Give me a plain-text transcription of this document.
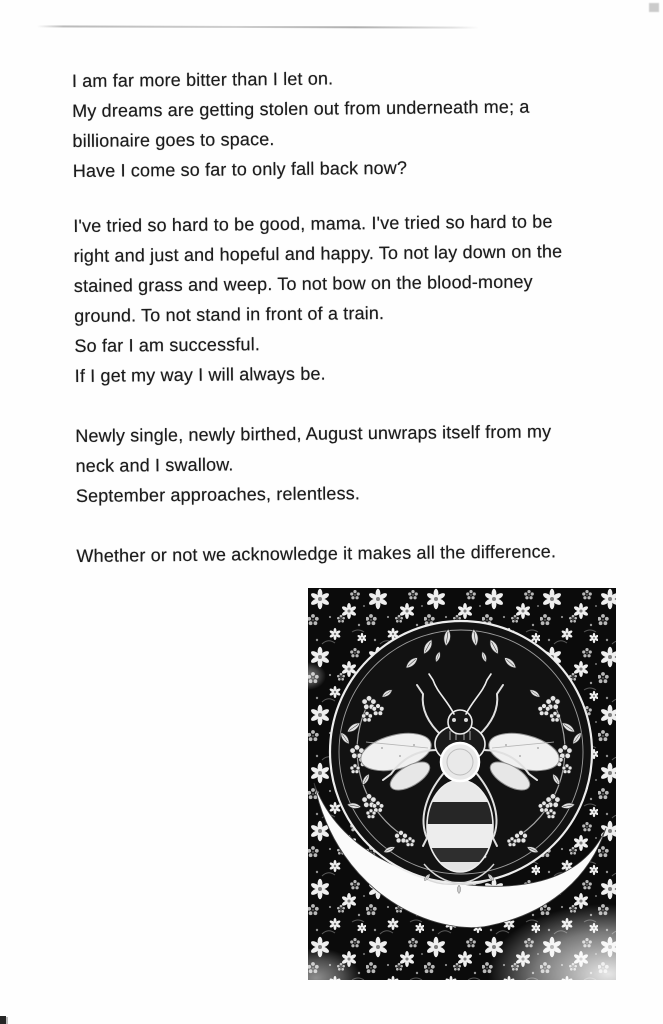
I am far more bitter than I let on.
My dreams are getting stolen out from underneath me; a
billionaire goes to space.
Have I come so far to only fall back now?
I've tried so hard to be good, mama. I've tried so hard to be
right and just and hopeful and happy. To not lay down on the
stained grass and weep. To not bow on the blood-money
ground. To not stand in front of a train.
So far I am successful.
If I get my way I will always be.
Newly single, newly birthed, August unwraps itself from my
neck and I swallow.
September approaches, relentless.
Whether or not we acknowledge it makes all the difference.
